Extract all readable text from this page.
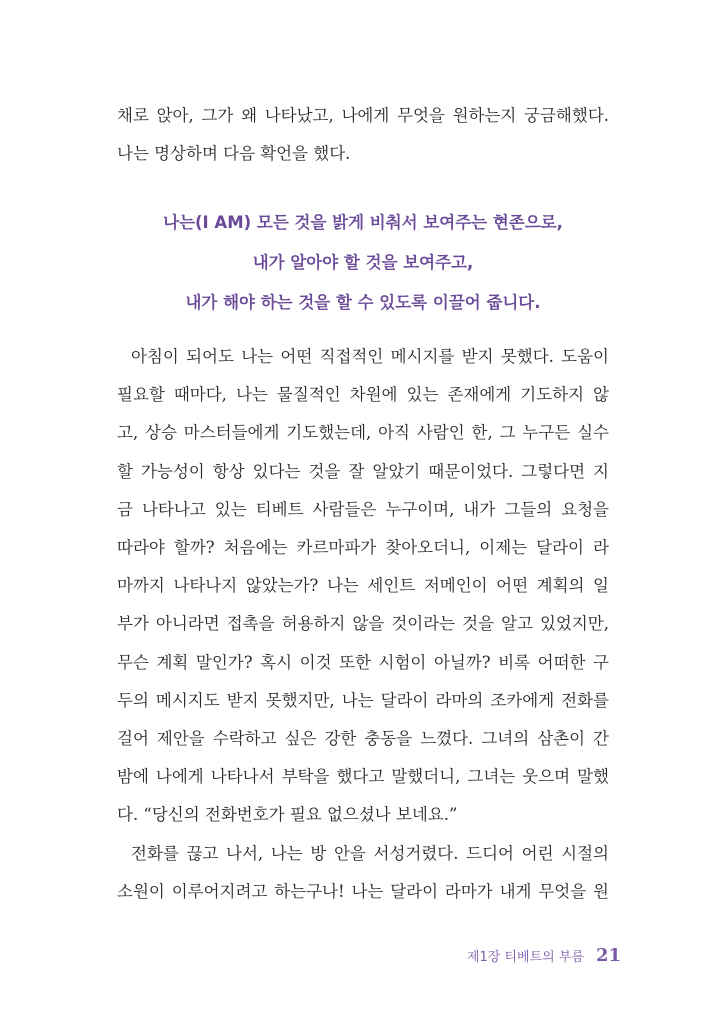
채로 앉아, 그가 왜 나타났고, 나에게 무엇을 원하는지 궁금해했다.
나는 명상하며 다음 확언을 했다.
나는(I AM) 모든 것을 밝게 비춰서 보여주는 현존으로,
내가 알아야 할 것을 보여주고,
내가 해야 하는 것을 할 수 있도록 이끌어 줍니다.
아침이 되어도 나는 어떤 직접적인 메시지를 받지 못했다. 도움이
필요할 때마다, 나는 물질적인 차원에 있는 존재에게 기도하지 않
고, 상승 마스터들에게 기도했는데, 아직 사람인 한, 그 누구든 실수
할 가능성이 항상 있다는 것을 잘 알았기 때문이었다. 그렇다면 지
금 나타나고 있는 티베트 사람들은 누구이며, 내가 그들의 요청을
따라야 할까? 처음에는 카르마파가 찾아오더니, 이제는 달라이 라
마까지 나타나지 않았는가? 나는 세인트 저메인이 어떤 계획의 일
부가 아니라면 접촉을 허용하지 않을 것이라는 것을 알고 있었지만,
무슨 계획 말인가? 혹시 이것 또한 시험이 아닐까? 비록 어떠한 구
두의 메시지도 받지 못했지만, 나는 달라이 라마의 조카에게 전화를
걸어 제안을 수락하고 싶은 강한 충동을 느꼈다. 그녀의 삼촌이 간
밤에 나에게 나타나서 부탁을 했다고 말했더니, 그녀는 웃으며 말했
다. “당신의 전화번호가 필요 없으셨나 보네요.”
전화를 끊고 나서, 나는 방 안을 서성거렸다. 드디어 어린 시절의
소원이 이루어지려고 하는구나! 나는 달라이 라마가 내게 무엇을 원
제1장 티베트의 부름 21
